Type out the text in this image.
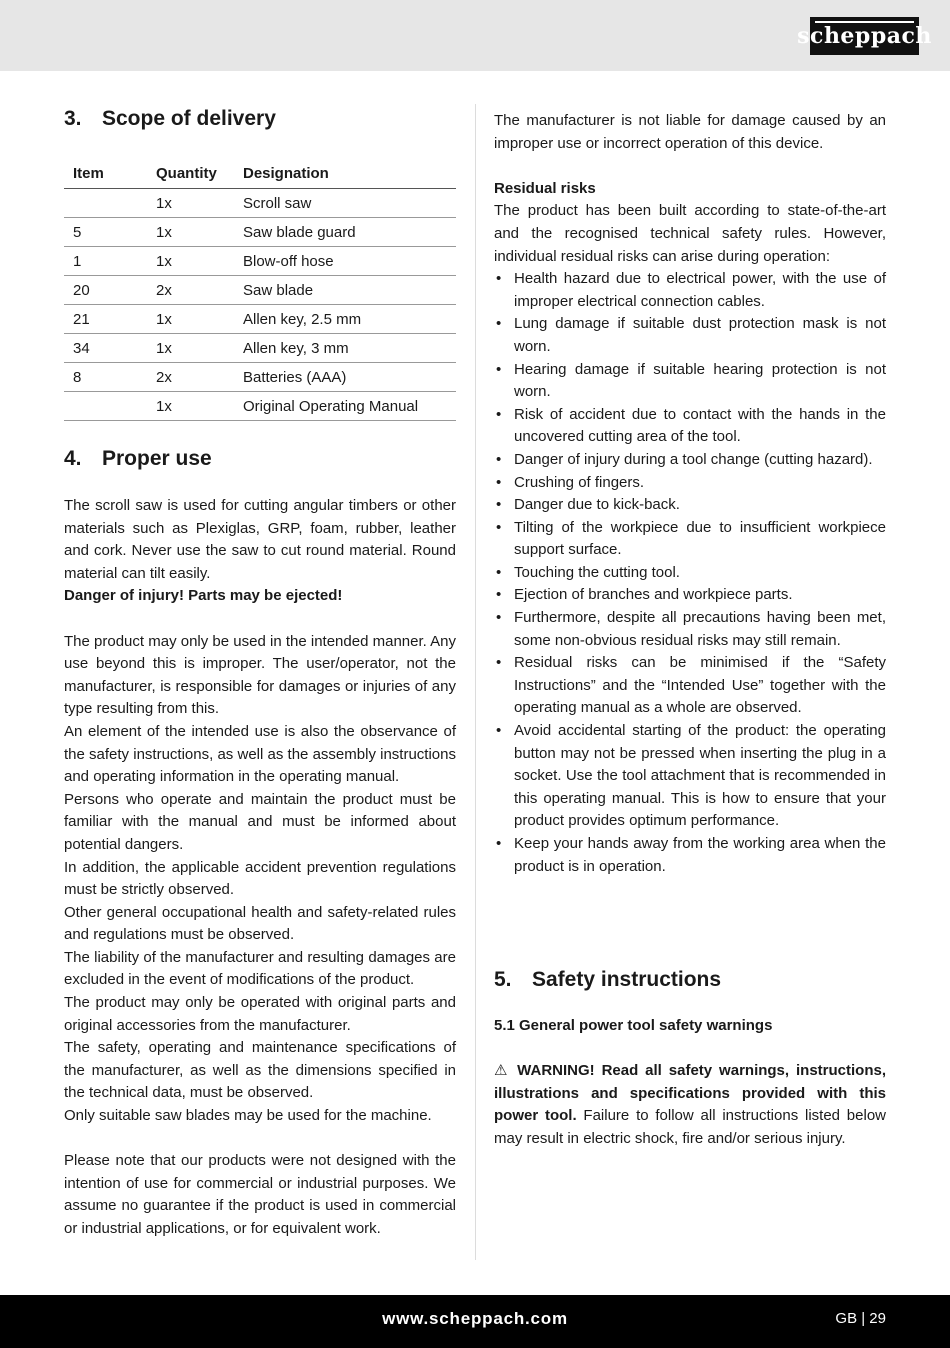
scheppach
3. Scope of delivery
Item	Quantity	Designation
	1x	Scroll saw
5	1x	Saw blade guard
1	1x	Blow-off hose
20	2x	Saw blade
21	1x	Allen key, 2.5 mm
34	1x	Allen key, 3 mm
8	2x	Batteries (AAA)
	1x	Original Operating Manual
4. Proper use

The scroll saw is used for cutting angular timbers or other materials such as Plexiglas, GRP, foam, rubber, leather and cork. Never use the saw to cut round material. Round material can tilt easily.

Danger of injury! Parts may be ejected!

The product may only be used in the intended manner. Any use beyond this is improper. The user/operator, not the manufacturer, is responsible for damages or injuries of any type resulting from this.

An element of the intended use is also the observance of the safety instructions, as well as the assembly instructions and operating information in the operating manual.

Persons who operate and maintain the product must be familiar with the manual and must be informed about potential dangers.

In addition, the applicable accident prevention regulations must be strictly observed.

Other general occupational health and safety-related rules and regulations must be observed.

The liability of the manufacturer and resulting damages are excluded in the event of modifications of the product.

The product may only be operated with original parts and original accessories from the manufacturer.

The safety, operating and maintenance specifications of the manufacturer, as well as the dimensions specified in the technical data, must be observed.

Only suitable saw blades may be used for the machine.

Please note that our products were not designed with the intention of use for commercial or industrial purposes. We assume no guarantee if the product is used in commercial or industrial applications, or for equivalent work.

The manufacturer is not liable for damage caused by an improper use or incorrect operation of this device.

Residual risks

The product has been built according to state-of-the-art and the recognised technical safety rules. However, individual residual risks can arise during operation:

• Health hazard due to electrical power, with the use of improper electrical connection cables.
• Lung damage if suitable dust protection mask is not worn.
• Hearing damage if suitable hearing protection is not worn.
• Risk of accident due to contact with the hands in the uncovered cutting area of the tool.
• Danger of injury during a tool change (cutting hazard).
• Crushing of fingers.
• Danger due to kick-back.
• Tilting of the workpiece due to insufficient workpiece support surface.
• Touching the cutting tool.
• Ejection of branches and workpiece parts.
• Furthermore, despite all precautions having been met, some non-obvious residual risks may still remain.
• Residual risks can be minimised if the “Safety Instructions” and the “Intended Use” together with the operating manual as a whole are observed.
• Avoid accidental starting of the product: the operating button may not be pressed when inserting the plug in a socket. Use the tool attachment that is recommended in this operating manual. This is how to ensure that your product provides optimum performance.
• Keep your hands away from the working area when the product is in operation.
5. Safety instructions

5.1 General power tool safety warnings

⚠ WARNING! Read all safety warnings, instructions, illustrations and specifications provided with this power tool. Failure to follow all instructions listed below may result in electric shock, fire and/or serious injury.

www.scheppach.com	GB | 29
